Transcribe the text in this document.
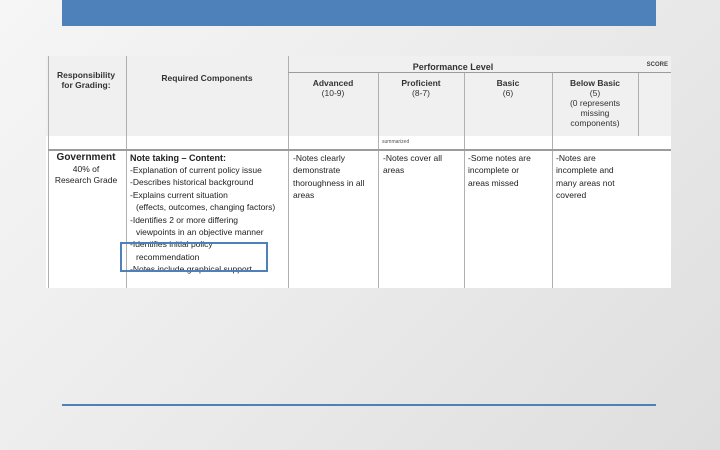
Responsibility
for Grading:
Required Components
Performance Level	SCORE
Advanced
(10-9)
Proficient
(8-7)
Basic
(6)
Below Basic
(5)
(0 represents
missing
components)
summarized
Government
40% of
Research Grade
Note taking – Content:
-Explanation of current policy issue
-Describes historical background
-Explains current situation
(effects, outcomes, changing factors)
-Identifies 2 or more differing
viewpoints in an objective manner
-Identifies initial policy
recommendation
-Notes include graphical support
-Notes clearly
demonstrate
thoroughness in all
areas
-Notes cover all
areas
-Some notes are
incomplete or
areas missed
-Notes are
incomplete and
many areas not
covered
